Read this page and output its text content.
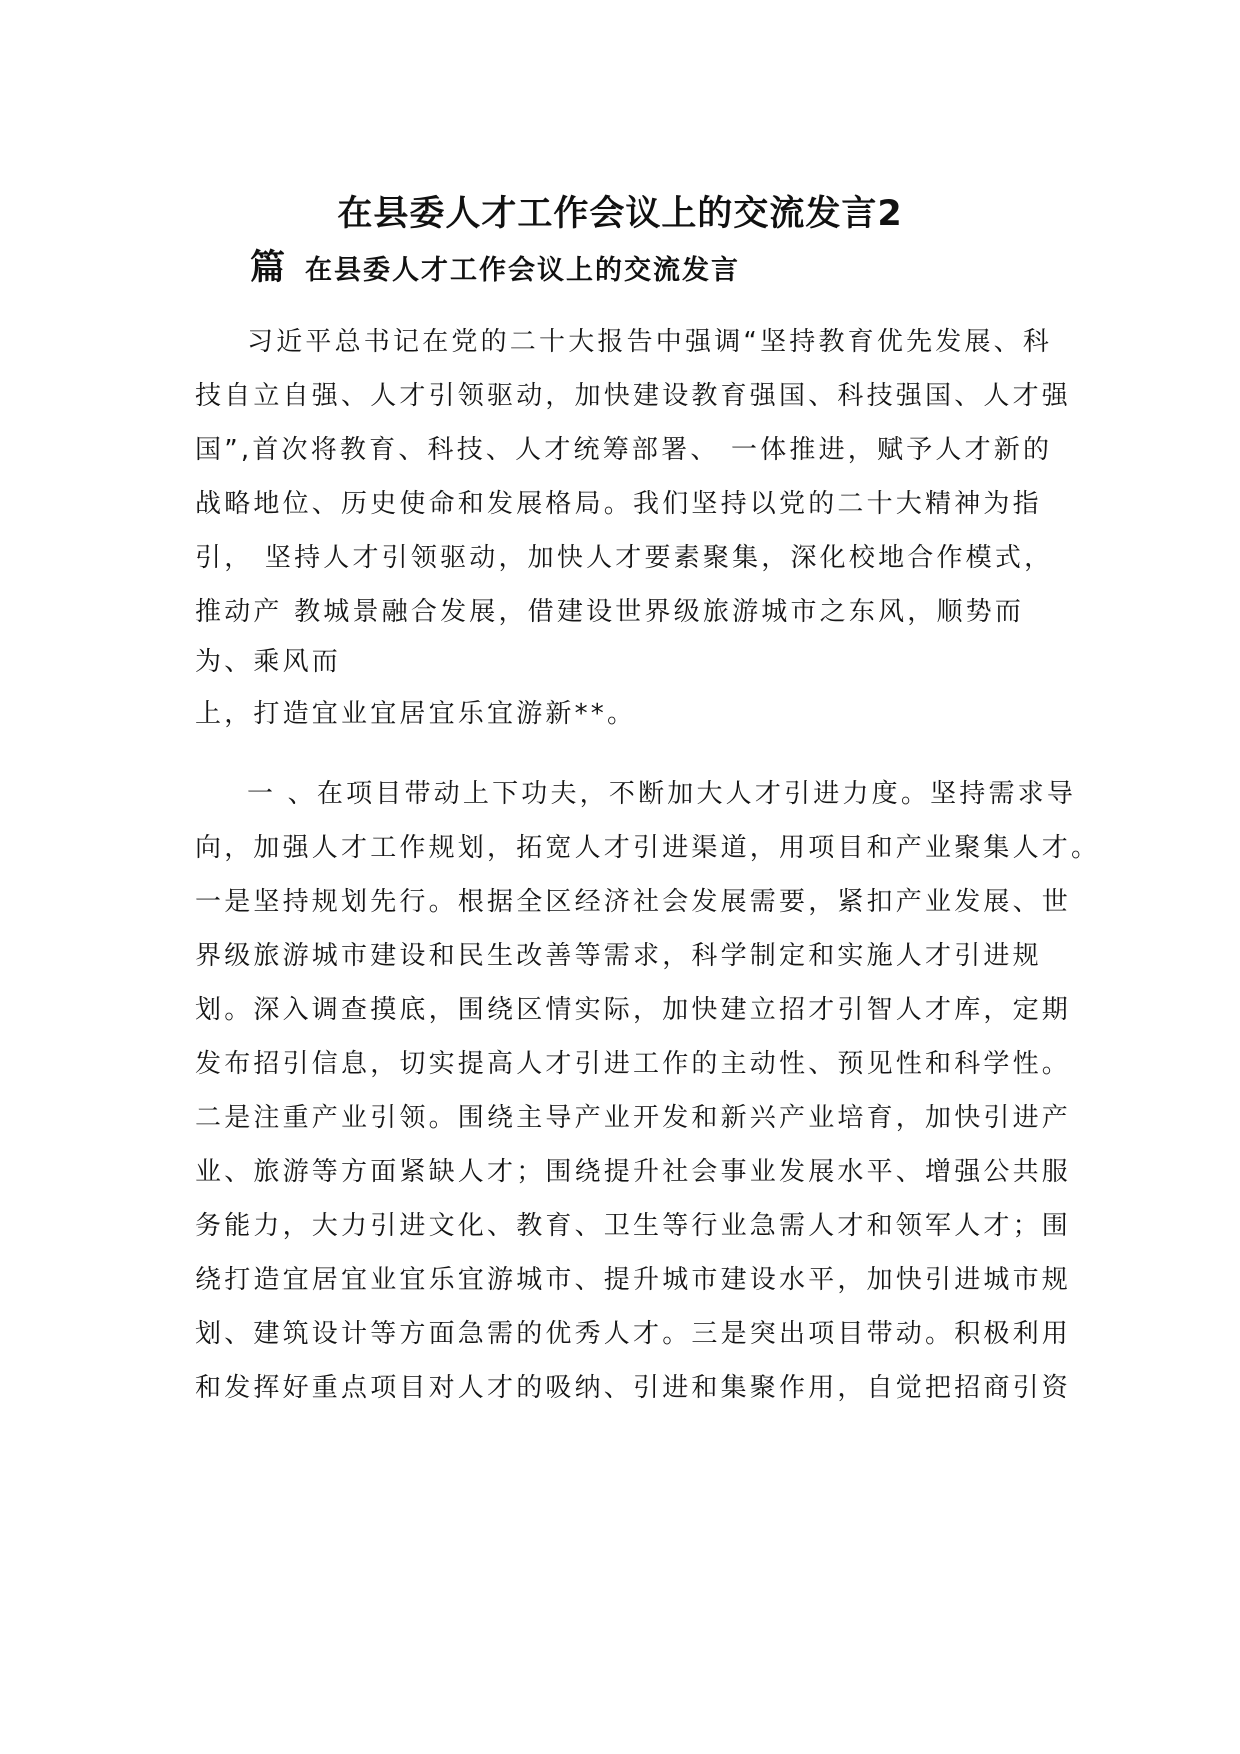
在县委人才工作会议上的交流发言2
篇 在县委人才工作会议上的交流发言
习近平总书记在党的二十大报告中强调“坚持教育优先发展、科
技自立自强、人才引领驱动，加快建设教育强国、科技强国、人才强
国”,首次将教育、科技、人才统筹部署、 一体推进，赋予人才新的
战略地位、历史使命和发展格局。我们坚持以党的二十大精神为指
引， 坚持人才引领驱动，加快人才要素聚集，深化校地合作模式，
推动产 教城景融合发展，借建设世界级旅游城市之东风，顺势而
为、乘风而
上，打造宜业宜居宜乐宜游新**。
一 、在项目带动上下功夫，不断加大人才引进力度。坚持需求导
向，加强人才工作规划，拓宽人才引进渠道，用项目和产业聚集人才。
一是坚持规划先行。根据全区经济社会发展需要，紧扣产业发展、世
界级旅游城市建设和民生改善等需求，科学制定和实施人才引进规
划。深入调查摸底，围绕区情实际，加快建立招才引智人才库，定期
发布招引信息，切实提高人才引进工作的主动性、预见性和科学性。
二是注重产业引领。围绕主导产业开发和新兴产业培育，加快引进产
业、旅游等方面紧缺人才；围绕提升社会事业发展水平、增强公共服
务能力，大力引进文化、教育、卫生等行业急需人才和领军人才；围
绕打造宜居宜业宜乐宜游城市、提升城市建设水平，加快引进城市规
划、建筑设计等方面急需的优秀人才。三是突出项目带动。积极利用
和发挥好重点项目对人才的吸纳、引进和集聚作用，自觉把招商引资
